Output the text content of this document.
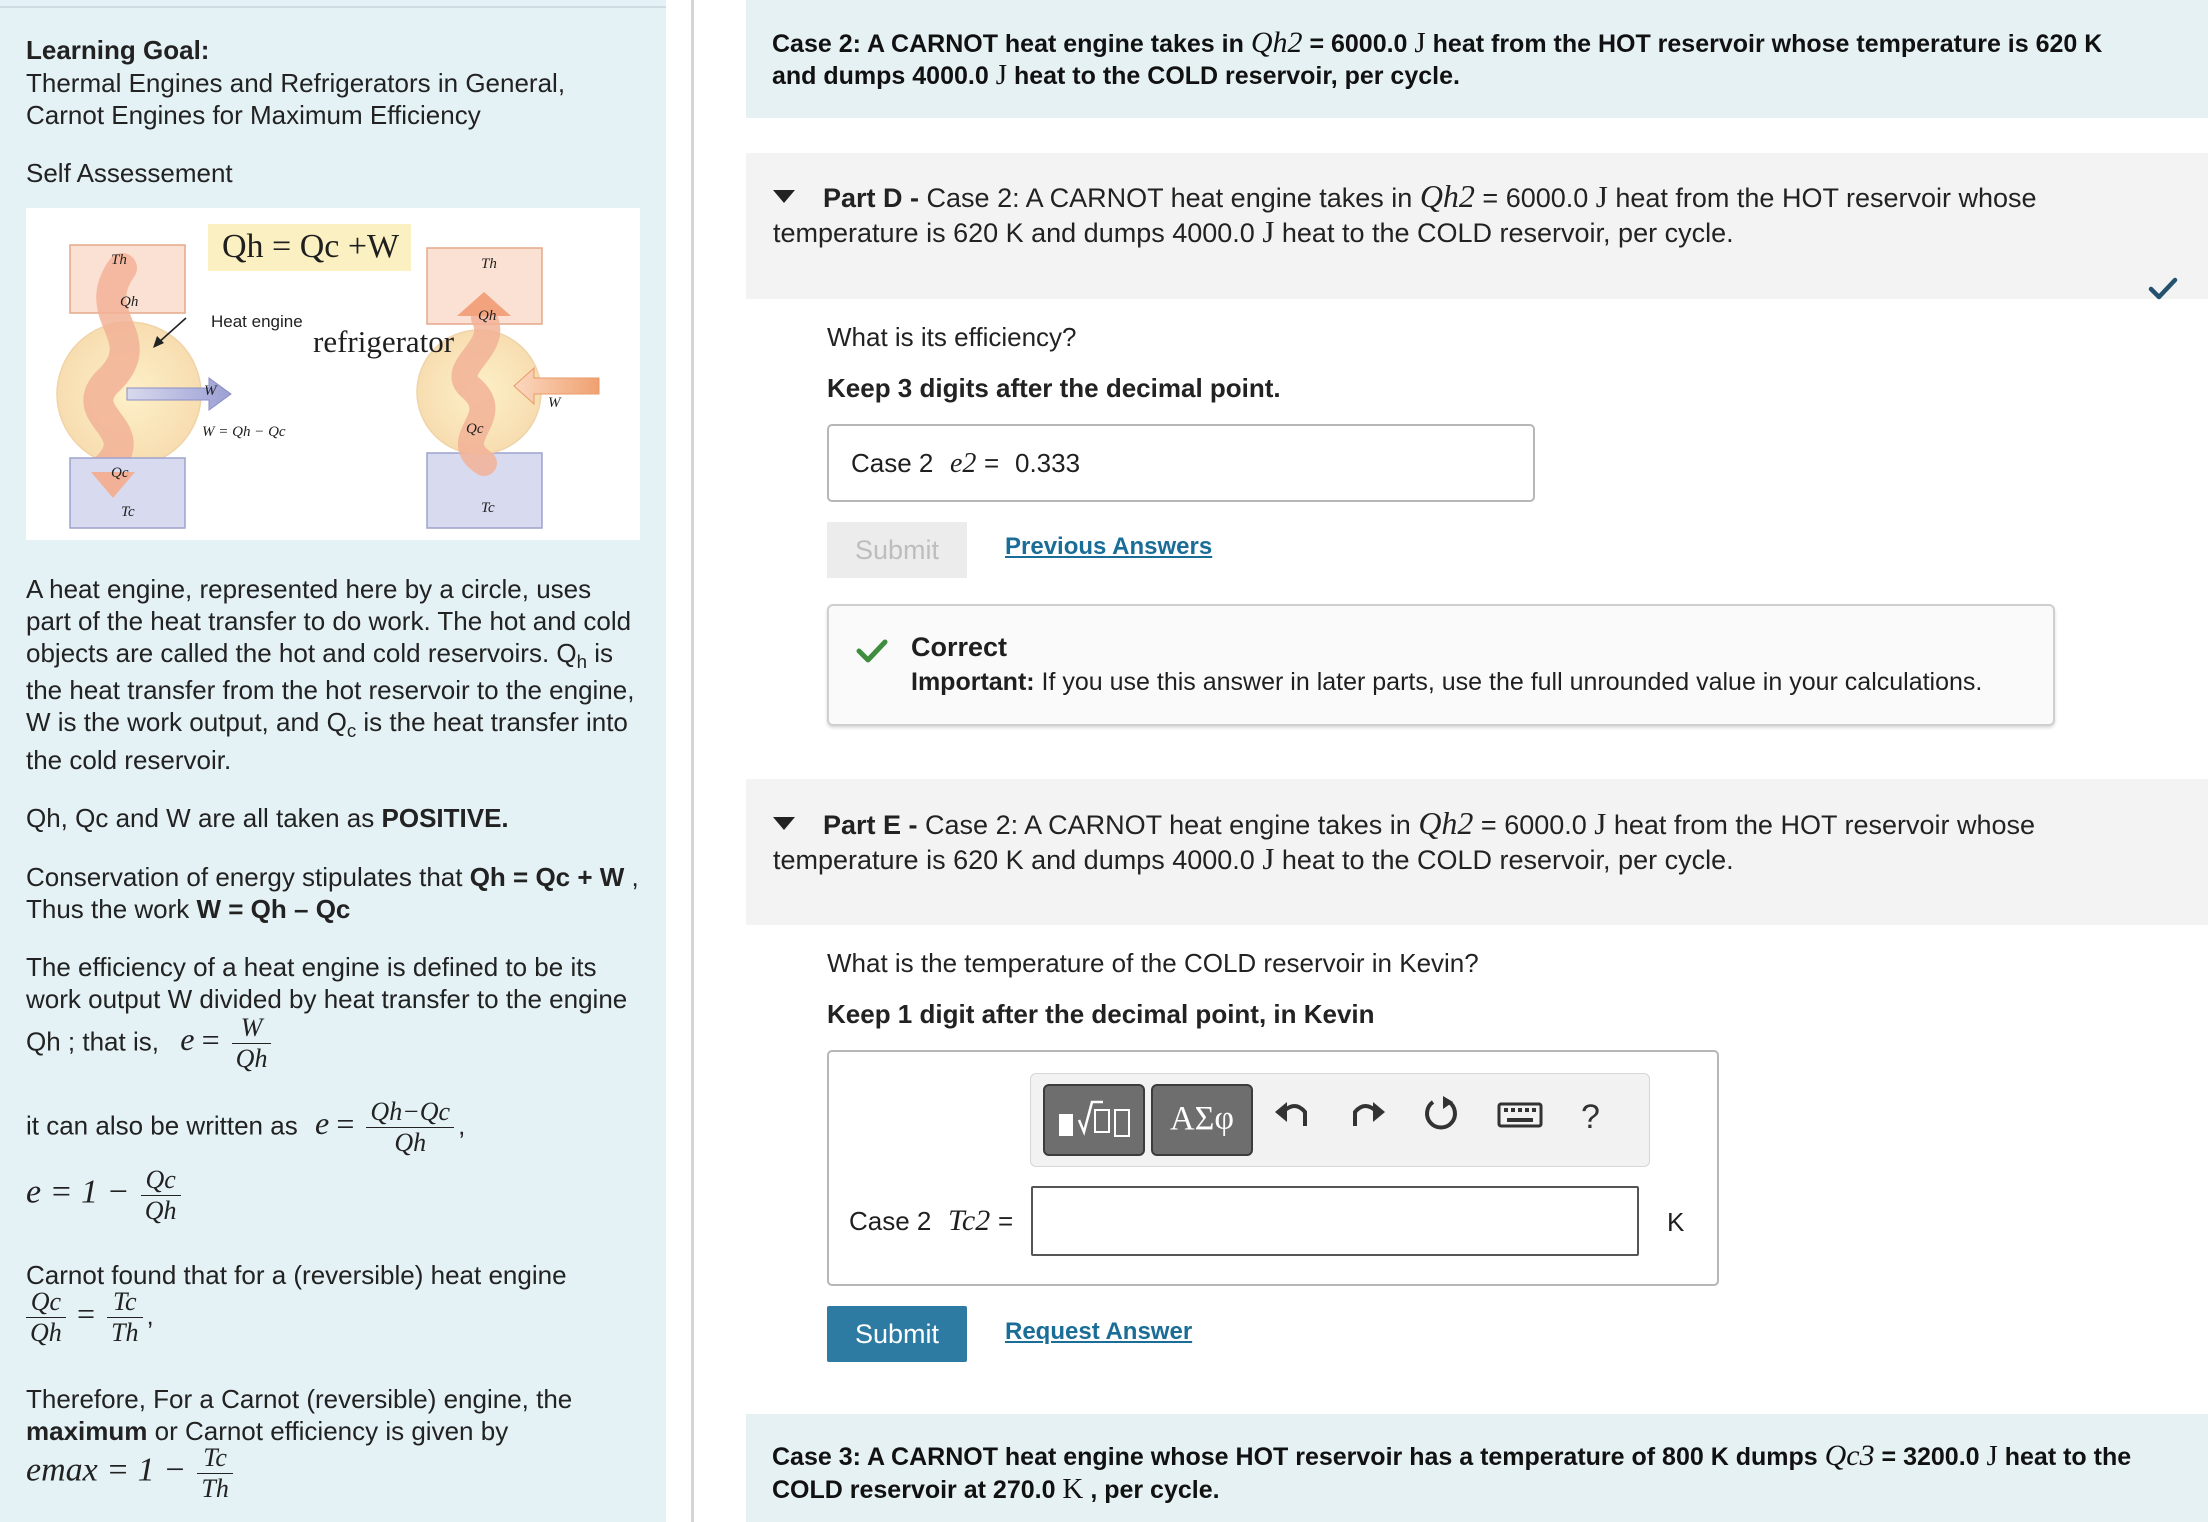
Learning Goal:
Thermal Engines and Refrigerators in General,
Carnot Engines for Maximum Efficiency
Self Assessement
Qh = Qc +W
Th
Qh
Heat engine
refrigerator
W
W = Qh − Qc
Qc
Tc
Th
Qh
W
Qc
Tc
A heat engine, represented here by a circle, uses
part of the heat transfer to do work. The hot and cold
objects are called the hot and cold reservoirs. $Q_h$ is
the heat transfer from the hot reservoir to the engine,
W is the work output, and $Q_c$ is the heat transfer into
the cold reservoir.
Qh, Qc and W are all taken as POSITIVE.
Conservation of energy stipulates that Qh = Qc + W ,
Thus the work W = Qh – Qc
The efficiency of a heat engine is defined to be its
work output W divided by heat transfer to the engine
Qh ; that is, $e = \frac{W}{Qh}$
it can also be written as $e = \frac{Qh-Qc}{Qh}$ ,
$e = 1 - \frac{Qc}{Qh}$
Carnot found that for a (reversible) heat engine
$\frac{Qc}{Qh} = \frac{Tc}{Th}$ ,
Therefore, For a Carnot (reversible) engine, the
maximum or Carnot efficiency is given by
$emax = 1 - \frac{Tc}{Th}$
Case 2: A CARNOT heat engine takes in Qh2 = 6000.0 J heat from the HOT reservoir whose temperature is 620 K
and dumps 4000.0 J heat to the COLD reservoir, per cycle.
Part D - Case 2: A CARNOT heat engine takes in Qh2 = 6000.0 J heat from the HOT reservoir whose
temperature is 620 K and dumps 4000.0 J heat to the COLD reservoir, per cycle.
What is its efficiency?
Keep 3 digits after the decimal point.
Case 2 e2 = 0.333
Submit	Previous Answers
Correct
Important: If you use this answer in later parts, use the full unrounded value in your calculations.
Part E - Case 2: A CARNOT heat engine takes in Qh2 = 6000.0 J heat from the HOT reservoir whose
temperature is 620 K and dumps 4000.0 J heat to the COLD reservoir, per cycle.
What is the temperature of the COLD reservoir in Kevin?
Keep 1 digit after the decimal point, in Kevin
ΑΣφ	?
Case 2 Tc2 =	K
Submit	Request Answer
Case 3: A CARNOT heat engine whose HOT reservoir has a temperature of 800 K dumps Qc3 = 3200.0 J heat to the
COLD reservoir at 270.0 K , per cycle.
